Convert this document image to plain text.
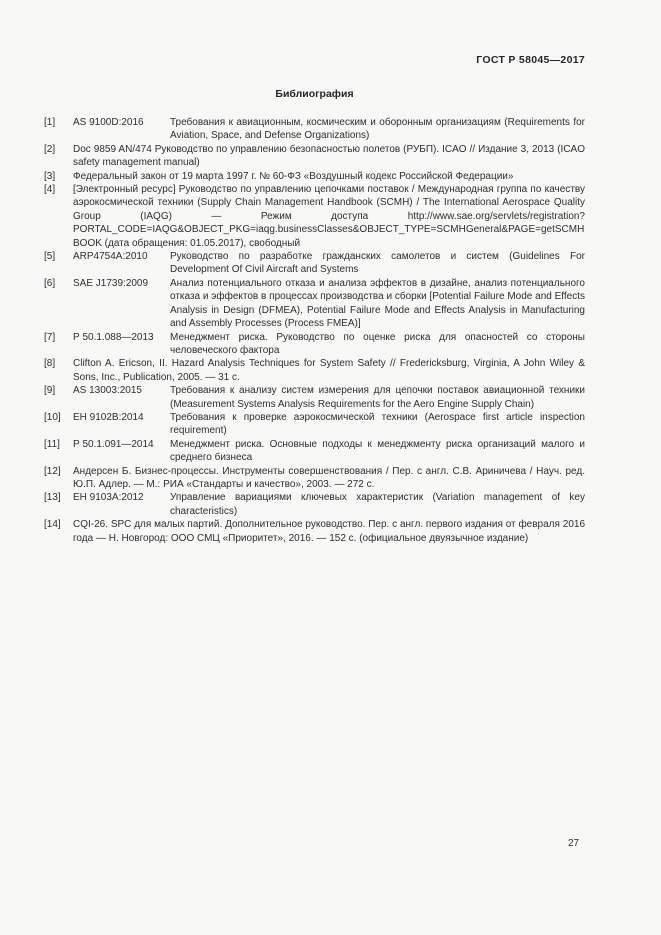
ГОСТ Р 58045—2017
Библиография
[1]	AS 9100D:2016	Требования к авиационным, космическим и оборонным организациям (Requirements for Aviation, Space, and Defense Organizations)
[2]	Doc 9859 AN/474 Руководство по управлению безопасностью полетов (РУБП). ICAO // Издание 3, 2013 (ICAO safety management manual)
[3]	Федеральный закон от 19 марта 1997 г. № 60-ФЗ «Воздушный кодекс Российской Федерации»
[4]	[Электронный ресурс] Руководство по управлению цепочками поставок / Международная группа по качеству аэрокосмической техники (Supply Chain Management Handbook (SCMH) / The International Aerospace Quality Group (IAQG) — Режим доступа http://www.sae.org/servlets/registration?PORTAL_CODE=IAQG&OBJECT_PKG=iaqg.businessClasses&OBJECT_TYPE=SCMHGeneral&PAGE=getSCMHBOOK (дата обращения: 01.05.2017), свободный
[5]	ARP4754A:2010	Руководство по разработке гражданских самолетов и систем (Guidelines For Development Of Civil Aircraft and Systems
[6]	SAE J1739:2009	Анализ потенциального отказа и анализа эффектов в дизайне, анализ потенциального отказа и эффектов в процессах производства и сборки [Potential Failure Mode and Effects Analysis in Design (DFMEA), Potential Failure Mode and Effects Analysis in Manufacturing and Assembly Processes (Process FMEA)]
[7]	Р 50.1.088—2013	Менеджмент риска. Руководство по оценке риска для опасностей со стороны человеческого фактора
[8]	Clifton A. Ericson, II. Hazard Analysis Techniques for System Safety // Fredericksburg, Virginia, A John Wiley & Sons, Inc., Publication, 2005. — 31 с.
[9]	AS 13003:2015	Требования к анализу систем измерения для цепочки поставок авиационной техники (Measurement Systems Analysis Requirements for the Aero Engine Supply Chain)
[10]	ЕН 9102В:2014	Требования к проверке аэрокосмической техники (Aerospace first article inspection requirement)
[11]	Р 50.1.091—2014	Менеджмент риска. Основные подходы к менеджменту риска организаций малого и среднего бизнеса
[12]	Андерсен Б. Бизнес-процессы. Инструменты совершенствования / Пер. с англ. С.В. Ариничева / Науч. ред. Ю.П. Адлер. — М.: РИА «Стандарты и качество», 2003. — 272 с.
[13]	ЕН 9103А:2012	Управление вариациями ключевых характеристик (Variation management of key characteristics)
[14]	CQI-26. SPC для малых партий. Дополнительное руководство. Пер. с англ. первого издания от февраля 2016 года — Н. Новгород: ООО СМЦ «Приоритет», 2016. — 152 с. (официальное двуязычное издание)
27
